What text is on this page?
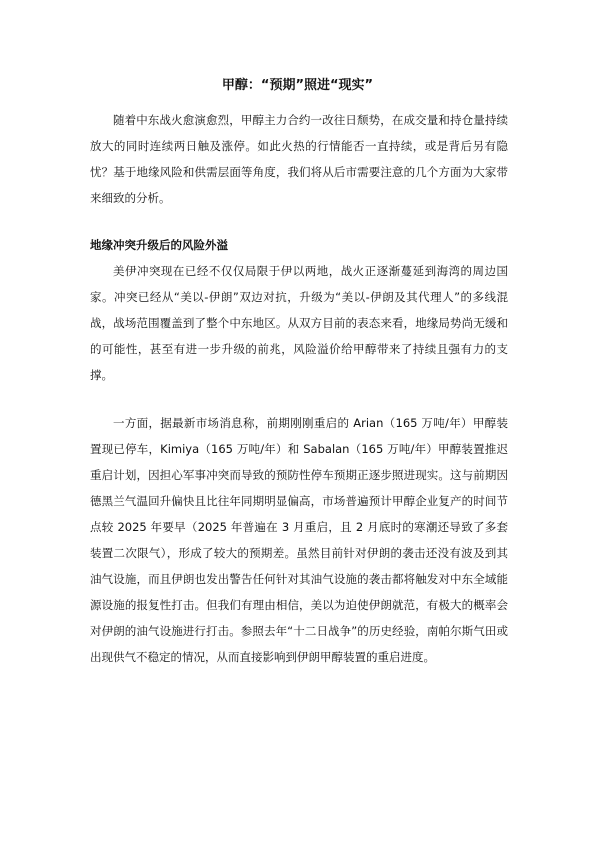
甲醇：“预期”照进“现实”

随着中东战火愈演愈烈，甲醇主力合约一改往日颓势，在成交量和持仓量持续放大的同时连续两日触及涨停。如此火热的行情能否一直持续，或是背后另有隐忧？基于地缘风险和供需层面等角度，我们将从后市需要注意的几个方面为大家带来细致的分析。

地缘冲突升级后的风险外溢

美伊冲突现在已经不仅仅局限于伊以两地，战火正逐渐蔓延到海湾的周边国家。冲突已经从“美以-伊朗”双边对抗，升级为“美以-伊朗及其代理人”的多线混战，战场范围覆盖到了整个中东地区。从双方目前的表态来看，地缘局势尚无缓和的可能性，甚至有进一步升级的前兆，风险溢价给甲醇带来了持续且强有力的支撑。

一方面，据最新市场消息称，前期刚刚重启的 Arian（165 万吨/年）甲醇装置现已停车，Kimiya（165 万吨/年）和 Sabalan（165 万吨/年）甲醇装置推迟重启计划，因担心军事冲突而导致的预防性停车预期正逐步照进现实。这与前期因德黑兰气温回升偏快且比往年同期明显偏高，市场普遍预计甲醇企业复产的时间节点较 2025 年要早（2025 年普遍在 3 月重启，且 2 月底时的寒潮还导致了多套装置二次限气），形成了较大的预期差。虽然目前针对伊朗的袭击还没有波及到其油气设施，而且伊朗也发出警告任何针对其油气设施的袭击都将触发对中东全域能源设施的报复性打击。但我们有理由相信，美以为迫使伊朗就范，有极大的概率会对伊朗的油气设施进行打击。参照去年“十二日战争”的历史经验，南帕尔斯气田或出现供气不稳定的情况，从而直接影响到伊朗甲醇装置的重启进度。
